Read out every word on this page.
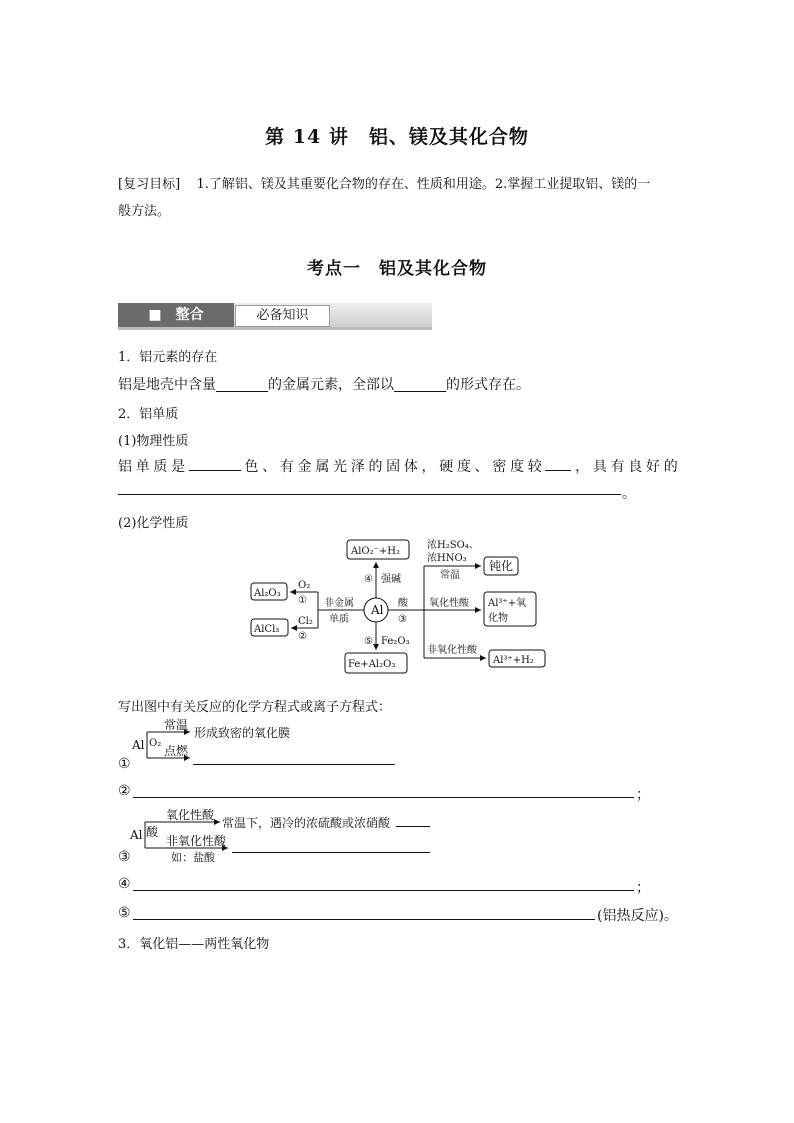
第 14 讲　铝、镁及其化合物
[复习目标] 1.了解铝、镁及其重要化合物的存在、性质和用途。2.掌握工业提取铝、镁的一
般方法。
考点一　铝及其化合物
■　整合	必备知识
1．铝元素的存在
铝是地壳中含量	的金属元素，全部以	的形式存在。
2．铝单质
(1)物理性质
铝 单 质 是	色 、 有 金 属 光 泽 的 固 体 ， 硬 度 、 密 度 较 ， 具 有 良 好 的
。
(2)化学性质
Al
AlO₂⁻+H₂
④ 强碱
非金属
单质
O₂
①
Al₂O₃
Cl₂
②
AlCl₃
酸
③
浓H₂SO₄、
浓HNO₃
常温
钝化
氧化性酸 Al³⁺+氧
化物
非氧化性酸
Al³⁺+H₂
⑤ Fe₂O₃
Fe+Al₂O₃
写出图中有关反应的化学方程式或离子方程式：
Al O₂
常温
形成致密的氧化膜
点燃
①
②	；
Al 酸
氧化性酸
常温下，遇冷的浓硫酸或浓硝酸
非氧化性酸
如：盐酸
③
④	；
⑤	(铝热反应)。
3．氧化铝——两性氧化物
